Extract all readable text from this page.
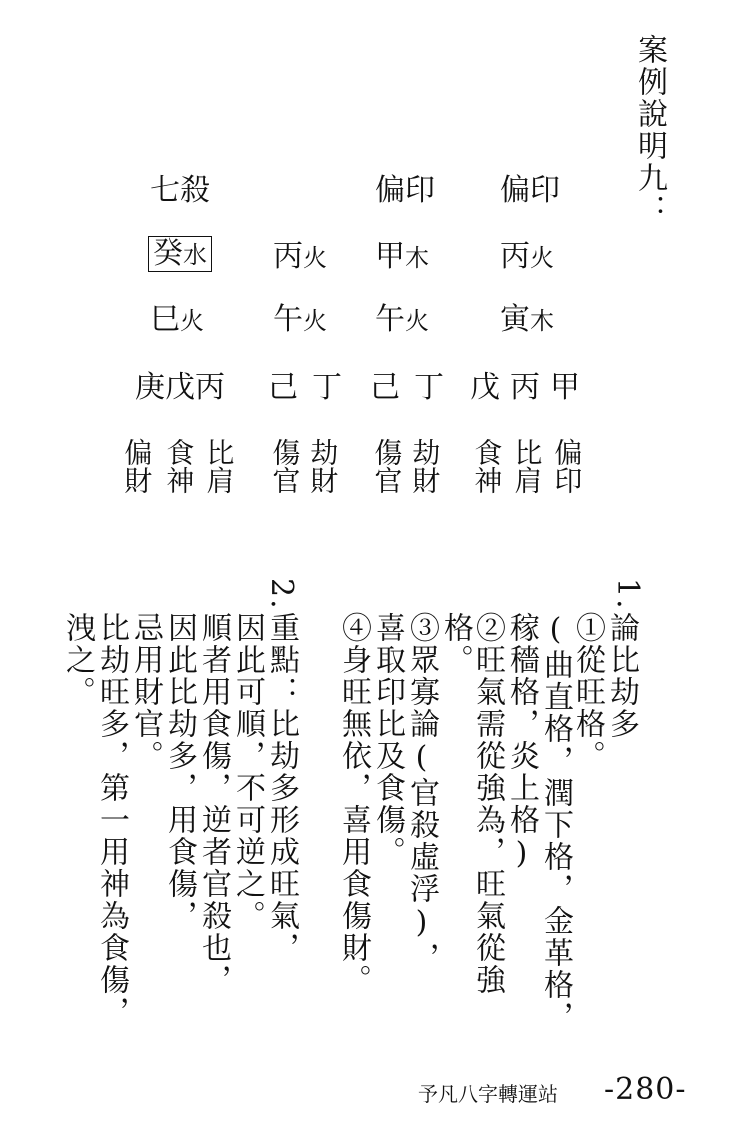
案例說明九：
七殺	偏印 偏印
癸水 丙火 甲木 丙火
巳火 午火 午火 寅木
庚戊丙 己丁 己丁 戊丙甲
偏財 食神 比肩 傷官 劫財 傷官 劫財 食神 比肩 偏印
1.
論比劫多
①從旺格。
(曲直格，潤下格，金革格，
稼穡格，炎上格)
②旺氣需從強為，旺氣從強
格。
③眾寡論(官殺虛浮)，
喜取印比及食傷。
④身旺無依，喜用食傷財。
2.
重點：比劫多形成旺氣，
因此可順，不可逆之。
順者用食傷，逆者官殺也，
因此比劫多，用食傷，
忌用財官。
比劫旺多，第一用神為食傷，
洩之。
予凡八字轉運站 -280-
